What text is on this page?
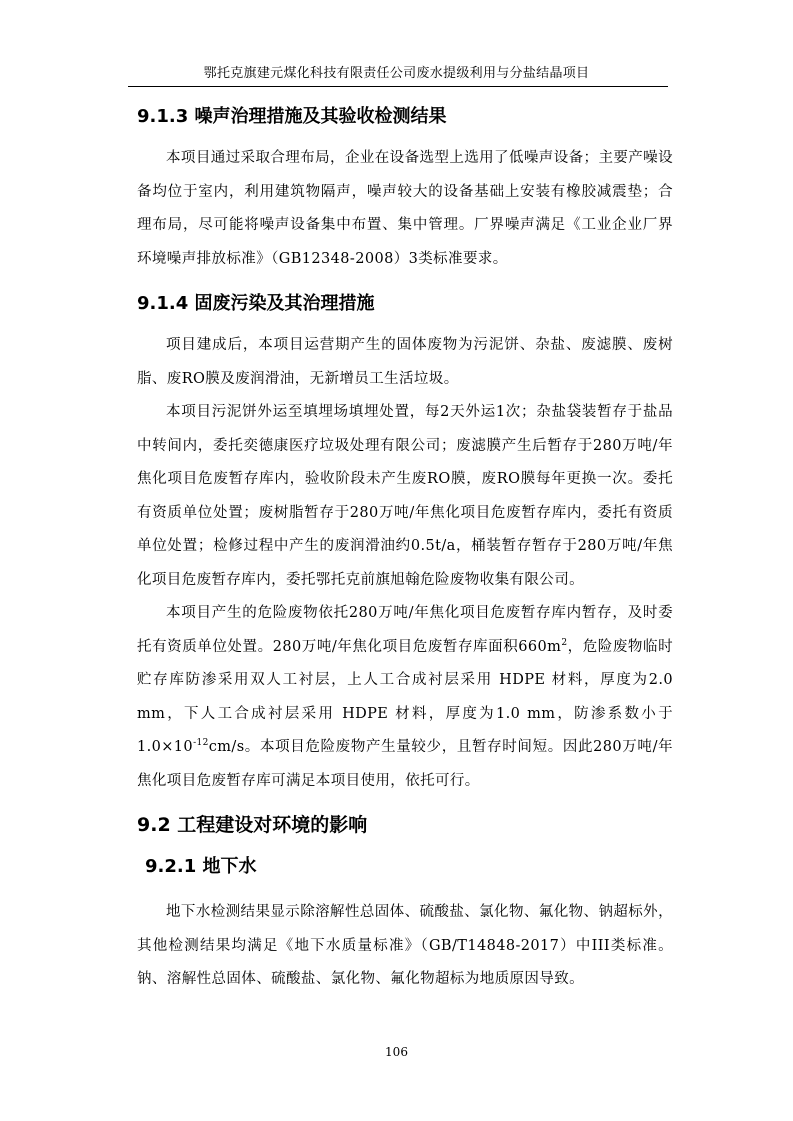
鄂托克旗建元煤化科技有限责任公司废水提级利用与分盐结晶项目
9.1.3 噪声治理措施及其验收检测结果

本项目通过采取合理布局，企业在设备选型上选用了低噪声设备；主要产噪设备均位于室内，利用建筑物隔声，噪声较大的设备基础上安装有橡胶减震垫；合理布局，尽可能将噪声设备集中布置、集中管理。厂界噪声满足《工业企业厂界环境噪声排放标准》（GB12348-2008）3类标准要求。

9.1.4 固废污染及其治理措施

项目建成后，本项目运营期产生的固体废物为污泥饼、杂盐、废滤膜、废树脂、废RO膜及废润滑油，无新增员工生活垃圾。

本项目污泥饼外运至填埋场填埋处置，每2天外运1次；杂盐袋装暂存于盐品中转间内，委托奕德康医疗垃圾处理有限公司；废滤膜产生后暂存于280万吨/年焦化项目危废暂存库内，验收阶段未产生废RO膜，废RO膜每年更换一次。委托有资质单位处置；废树脂暂存于280万吨/年焦化项目危废暂存库内，委托有资质单位处置；检修过程中产生的废润滑油约0.5t/a，桶装暂存暂存于280万吨/年焦化项目危废暂存库内，委托鄂托克前旗旭翰危险废物收集有限公司。

本项目产生的危险废物依托280万吨/年焦化项目危废暂存库内暂存，及时委托有资质单位处置。280万吨/年焦化项目危废暂存库面积$660m^2$，危险废物临时贮存库防渗采用双人工衬层，上人工合成衬层采用 HDPE 材料，厚度为2.0 mm，下人工合成衬层采用 HDPE 材料，厚度为1.0 mm，防渗系数小于$1.0\times 10^{-12}cm/s$。本项目危险废物产生量较少，且暂存时间短。因此280万吨/年焦化项目危废暂存库可满足本项目使用，依托可行。

9.2 工程建设对环境的影响
9.2.1 地下水

地下水检测结果显示除溶解性总固体、硫酸盐、氯化物、氟化物、钠超标外，其他检测结果均满足《地下水质量标准》（GB/T14848-2017）中III类标准。钠、溶解性总固体、硫酸盐、氯化物、氟化物超标为地质原因导致。

106
